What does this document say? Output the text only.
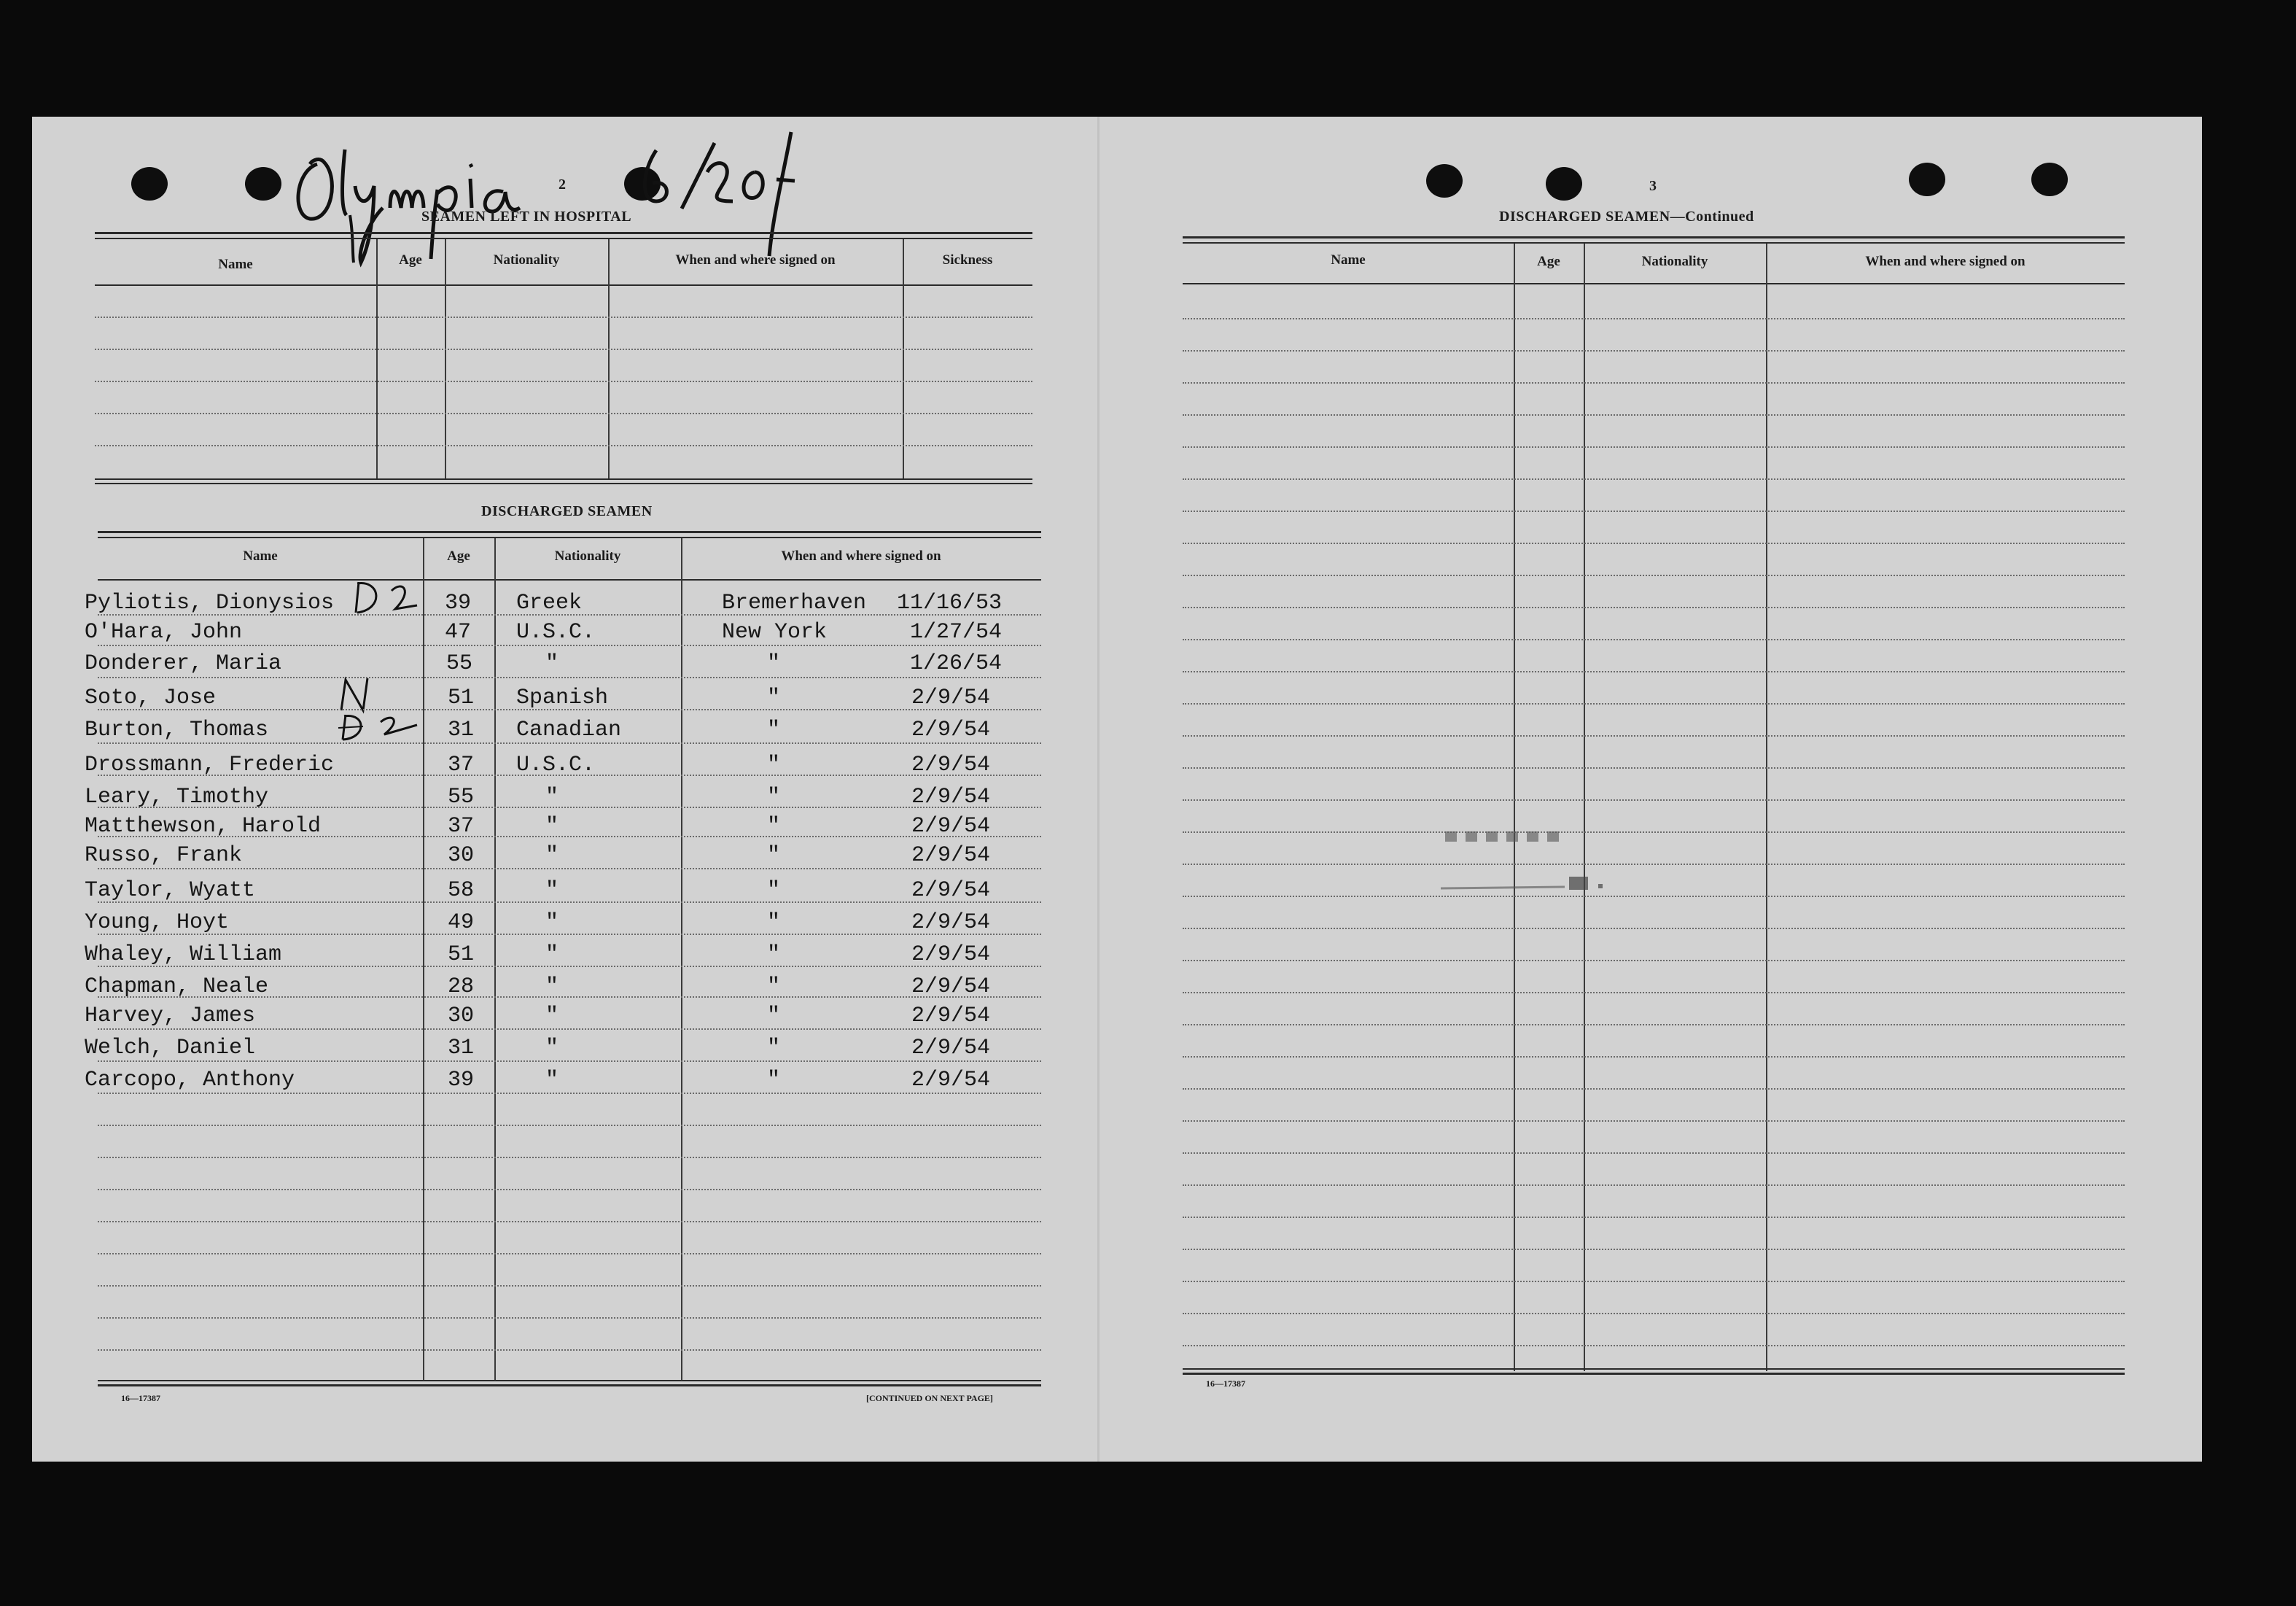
2
SEAMEN LEFT IN HOSPITAL
Name	Age	Nationality	When and where signed on	Sickness
DISCHARGED SEAMEN
Name	Age	Nationality	When and where signed on
Pyliotis, Dionysios	39 Greek	Bremerhaven 11/16/53
O'Hara, John	47 U.S.C.	New York	1/27/54
Donderer, Maria	55	"	"	1/26/54
Soto, Jose	51 Spanish	"	2/9/54
Burton, Thomas	31 Canadian	"	2/9/54
Drossmann, Frederic	37 U.S.C.	"	2/9/54
Leary, Timothy	55	"	"	2/9/54
Matthewson, Harold	37	"	"	2/9/54
Russo, Frank	30	"	"	2/9/54
Taylor, Wyatt	58	"	"	2/9/54
Young, Hoyt	49	"	"	2/9/54
Whaley, William	51	"	"	2/9/54
Chapman, Neale	28	"	"	2/9/54
Harvey, James	30	"	"	2/9/54
Welch, Daniel	31	"	"	2/9/54
Carcopo, Anthony	39	"	"	2/9/54
16—17387	[CONTINUED ON NEXT PAGE]
3
DISCHARGED SEAMEN—Continued
Name	Age	Nationality	When and where signed on
16—17387
